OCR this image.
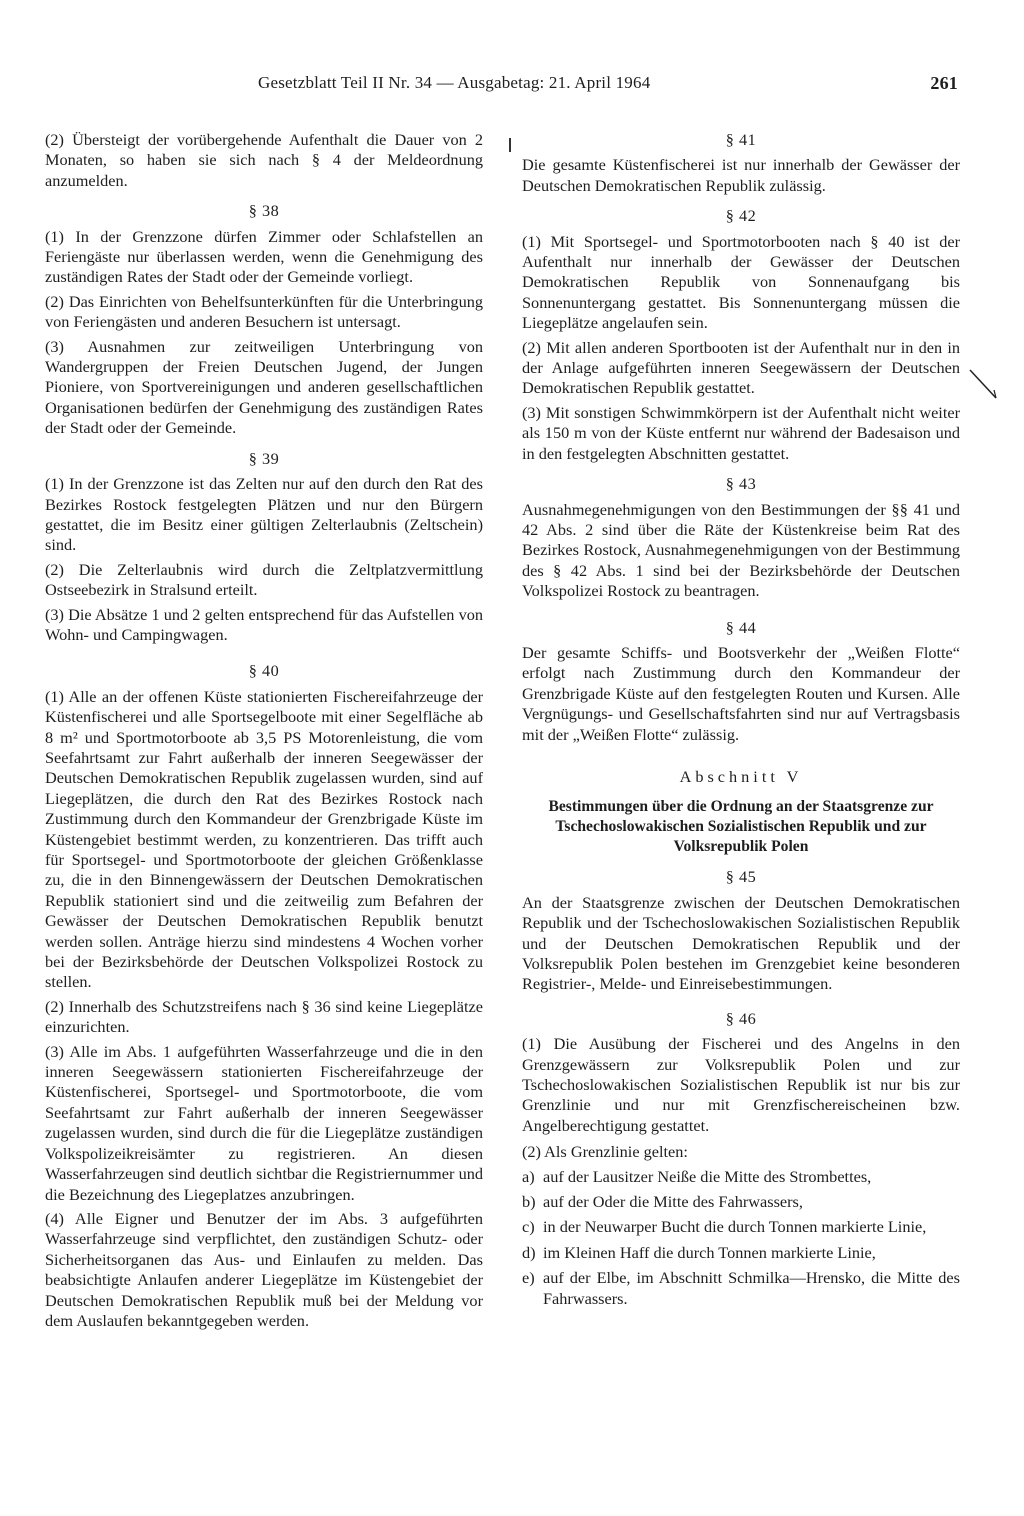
Gesetzblatt Teil II Nr. 34 — Ausgabetag: 21. April 1964	261

(2) Übersteigt der vorübergehende Aufenthalt die Dauer von 2 Monaten, so haben sie sich nach § 4 der Meldeordnung anzumelden.

§ 38

(1) In der Grenzzone dürfen Zimmer oder Schlafstellen an Feriengäste nur überlassen werden, wenn die Genehmigung des zuständigen Rates der Stadt oder der Gemeinde vorliegt.

(2) Das Einrichten von Behelfsunterkünften für die Unterbringung von Feriengästen und anderen Besuchern ist untersagt.

(3) Ausnahmen zur zeitweiligen Unterbringung von Wandergruppen der Freien Deutschen Jugend, der Jungen Pioniere, von Sportvereinigungen und anderen gesellschaftlichen Organisationen bedürfen der Genehmigung des zuständigen Rates der Stadt oder der Gemeinde.

§ 39

(1) In der Grenzzone ist das Zelten nur auf den durch den Rat des Bezirkes Rostock festgelegten Plätzen und nur den Bürgern gestattet, die im Besitz einer gültigen Zelterlaubnis (Zeltschein) sind.

(2) Die Zelterlaubnis wird durch die Zeltplatzvermittlung Ostseebezirk in Stralsund erteilt.

(3) Die Absätze 1 und 2 gelten entsprechend für das Aufstellen von Wohn- und Campingwagen.

§ 40

(1) Alle an der offenen Küste stationierten Fischereifahrzeuge der Küstenfischerei und alle Sportsegelboote mit einer Segelfläche ab 8 m² und Sportmotorboote ab 3,5 PS Motorenleistung, die vom Seefahrtsamt zur Fahrt außerhalb der inneren Seegewässer der Deutschen Demokratischen Republik zugelassen wurden, sind auf Liegeplätzen, die durch den Rat des Bezirkes Rostock nach Zustimmung durch den Kommandeur der Grenzbrigade Küste im Küstengebiet bestimmt werden, zu konzentrieren. Das trifft auch für Sportsegel- und Sportmotorboote der gleichen Größenklasse zu, die in den Binnengewässern der Deutschen Demokratischen Republik stationiert sind und die zeitweilig zum Befahren der Gewässer der Deutschen Demokratischen Republik benutzt werden sollen. Anträge hierzu sind mindestens 4 Wochen vorher bei der Bezirksbehörde der Deutschen Volkspolizei Rostock zu stellen.

(2) Innerhalb des Schutzstreifens nach § 36 sind keine Liegeplätze einzurichten.

(3) Alle im Abs. 1 aufgeführten Wasserfahrzeuge und die in den inneren Seegewässern stationierten Fischereifahrzeuge der Küstenfischerei, Sportsegel- und Sportmotorboote, die vom Seefahrtsamt zur Fahrt außerhalb der inneren Seegewässer zugelassen wurden, sind durch die für die Liegeplätze zuständigen Volkspolizeikreisämter zu registrieren. An diesen Wasserfahrzeugen sind deutlich sichtbar die Registriernummer und die Bezeichnung des Liegeplatzes anzubringen.

(4) Alle Eigner und Benutzer der im Abs. 3 aufgeführten Wasserfahrzeuge sind verpflichtet, den zuständigen Schutz- oder Sicherheitsorganen das Aus- und Einlaufen zu melden. Das beabsichtigte Anlaufen anderer Liegeplätze im Küstengebiet der Deutschen Demokratischen Republik muß bei der Meldung vor dem Auslaufen bekanntgegeben werden.

§ 41

Die gesamte Küstenfischerei ist nur innerhalb der Gewässer der Deutschen Demokratischen Republik zulässig.

§ 42

(1) Mit Sportsegel- und Sportmotorbooten nach § 40 ist der Aufenthalt nur innerhalb der Gewässer der Deutschen Demokratischen Republik von Sonnenaufgang bis Sonnenuntergang gestattet. Bis Sonnenuntergang müssen die Liegeplätze angelaufen sein.

(2) Mit allen anderen Sportbooten ist der Aufenthalt nur in den in der Anlage aufgeführten inneren Seegewässern der Deutschen Demokratischen Republik gestattet.

(3) Mit sonstigen Schwimmkörpern ist der Aufenthalt nicht weiter als 150 m von der Küste entfernt nur während der Badesaison und in den festgelegten Abschnitten gestattet.

§ 43

Ausnahmegenehmigungen von den Bestimmungen der §§ 41 und 42 Abs. 2 sind über die Räte der Küstenkreise beim Rat des Bezirkes Rostock, Ausnahmegenehmigungen von der Bestimmung des § 42 Abs. 1 sind bei der Bezirksbehörde der Deutschen Volkspolizei Rostock zu beantragen.

§ 44

Der gesamte Schiffs- und Bootsverkehr der „Weißen Flotte“ erfolgt nach Zustimmung durch den Kommandeur der Grenzbrigade Küste auf den festgelegten Routen und Kursen. Alle Vergnügungs- und Gesellschaftsfahrten sind nur auf Vertragsbasis mit der „Weißen Flotte“ zulässig.

Abschnitt V
Bestimmungen über die Ordnung an der Staatsgrenze zur Tschechoslowakischen Sozialistischen Republik und zur Volksrepublik Polen
§ 45

An der Staatsgrenze zwischen der Deutschen Demokratischen Republik und der Tschechoslowakischen Sozialistischen Republik und der Deutschen Demokratischen Republik und der Volksrepublik Polen bestehen im Grenzgebiet keine besonderen Registrier-, Melde- und Einreisebestimmungen.

§ 46

(1) Die Ausübung der Fischerei und des Angelns in den Grenzgewässern zur Volksrepublik Polen und zur Tschechoslowakischen Sozialistischen Republik ist nur bis zur Grenzlinie und nur mit Grenzfischereischeinen bzw. Angelberechtigung gestattet.

(2) Als Grenzlinie gelten:

a) auf der Lausitzer Neiße die Mitte des Strombettes,
b) auf der Oder die Mitte des Fahrwassers,
c) in der Neuwarper Bucht die durch Tonnen markierte Linie,
d) im Kleinen Haff die durch Tonnen markierte Linie,
e) auf der Elbe, im Abschnitt Schmilka—Hrensko, die Mitte des Fahrwassers.
